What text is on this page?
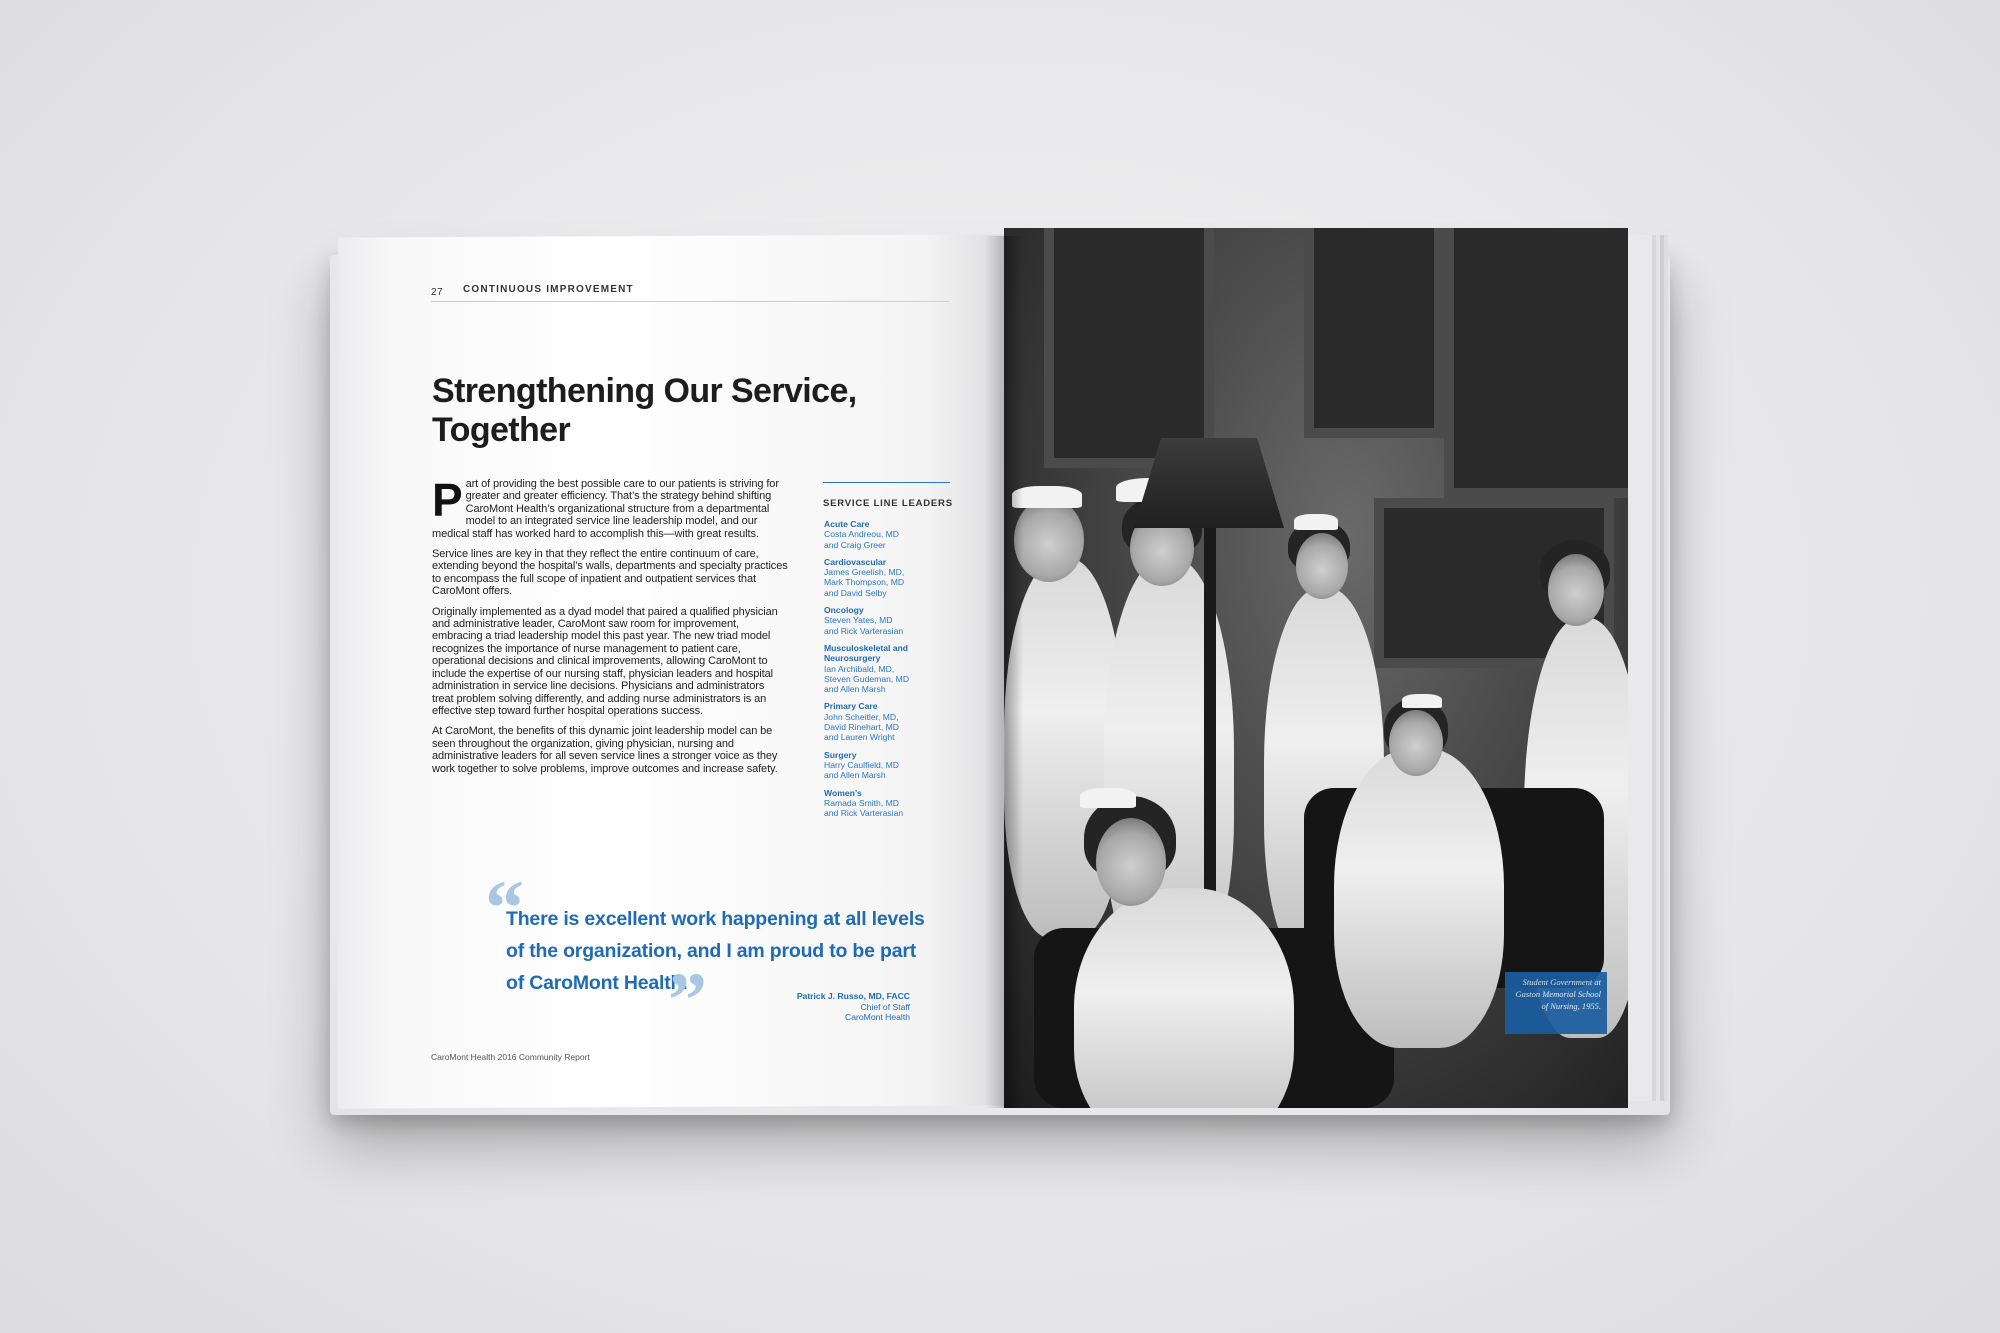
Student Government at
Gaston Memorial School
of Nursing, 1955.
27 CONTINUOUS IMPROVEMENT
Strengthening Our Service, Together

Part of providing the best possible care to our patients is striving for greater and greater efficiency. That’s the strategy behind shifting CaroMont Health’s organizational structure from a departmental model to an integrated service line leadership model, and our medical staff has worked hard to accomplish this—with great results.

Service lines are key in that they reflect the entire continuum of care, extending beyond the hospital’s walls, departments and specialty practices to encompass the full scope of inpatient and outpatient services that CaroMont offers.

Originally implemented as a dyad model that paired a qualified physician and administrative leader, CaroMont saw room for improvement, embracing a triad leadership model this past year. The new triad model recognizes the importance of nurse management to patient care, operational decisions and clinical improvements, allowing CaroMont to include the expertise of our nursing staff, physician leaders and hospital administration in service line decisions. Physicians and administrators treat problem solving differently, and adding nurse administrators is an effective step toward further hospital operations success.

At CaroMont, the benefits of this dynamic joint leadership model can be seen throughout the organization, giving physician, nursing and administrative leaders for all seven service lines a stronger voice as they work together to solve problems, improve outcomes and increase safety.

SERVICE LINE LEADERS
Acute Care
Costa Andreou, MD
and Craig Greer
Cardiovascular
James Greelish, MD,
Mark Thompson, MD
and David Selby
Oncology
Steven Yates, MD
and Rick Varterasian
Musculoskeletal and Neurosurgery
Ian Archibald, MD,
Steven Gudeman, MD
and Allen Marsh
Primary Care
John Scheitler, MD,
David Rinehart, MD
and Lauren Wright
Surgery
Harry Caulfield, MD
and Allen Marsh
Women’s
Ramada Smith, MD
and Rick Varterasian
“
There is excellent work happening at all levels of the organization, and I am proud to be part of CaroMont Health.
”	Patrick J. Russo, MD, FACC
Chief of Staff
CaroMont Health
CaroMont Health 2016 Community Report
